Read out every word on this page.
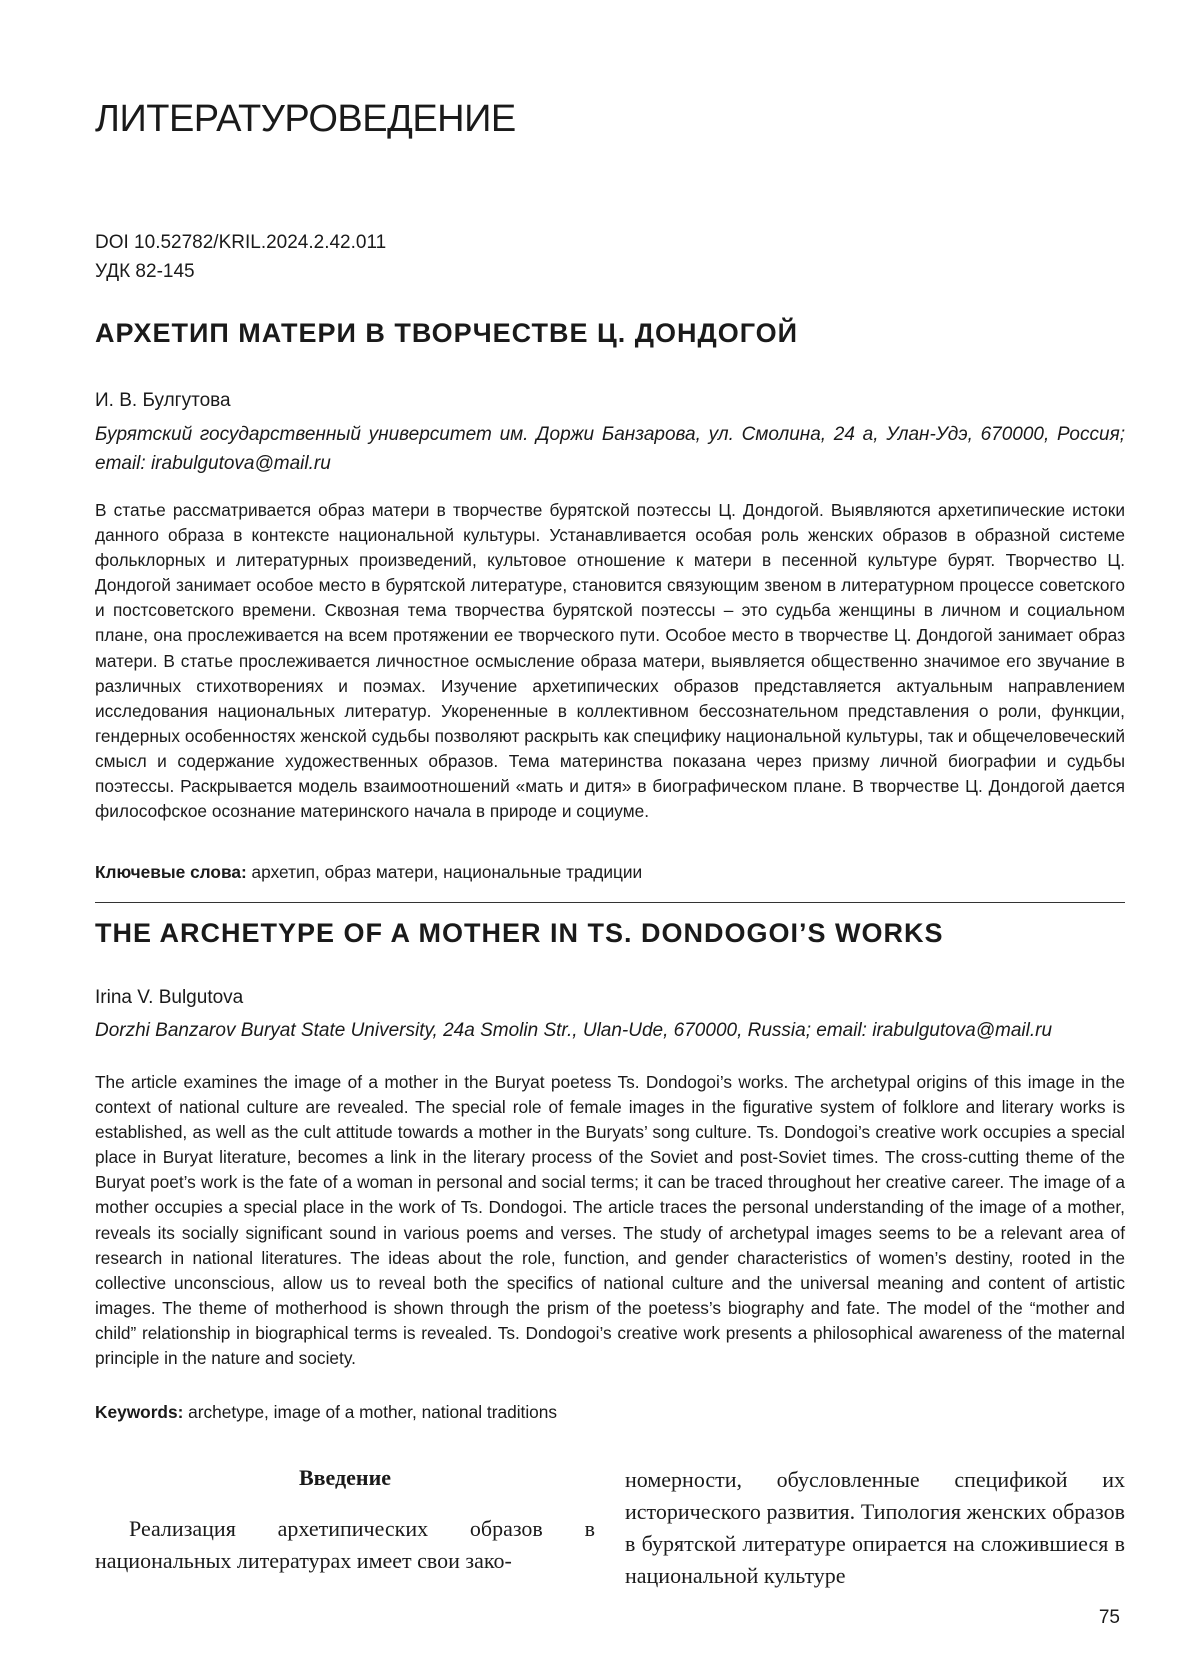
ЛИТЕРАТУРОВЕДЕНИЕ
DOI 10.52782/KRIL.2024.2.42.011
УДК 82-145
АРХЕТИП МАТЕРИ В ТВОРЧЕСТВЕ Ц. ДОНДОГОЙ
И. В. Булгутова
Бурятский государственный университет им. Доржи Банзарова, ул. Смолина, 24 а, Улан-Удэ, 670000, Россия; email: irabulgutova@mail.ru
В статье рассматривается образ матери в творчестве бурятской поэтессы Ц. Дондогой. Выявляются архетипические истоки данного образа в контексте национальной культуры. Устанавливается особая роль женских образов в образной системе фольклорных и литературных произведений, культовое отношение к матери в песенной культуре бурят. Творчество Ц. Дондогой занимает особое место в бурятской литературе, становится связующим звеном в литературном процессе советского и постсоветского времени. Сквозная тема творчества бурятской поэтессы – это судьба женщины в личном и социальном плане, она прослеживается на всем протяжении ее творческого пути. Особое место в творчестве Ц. Дондогой занимает образ матери. В статье прослеживается личностное осмысление образа матери, выявляется общественно значимое его звучание в различных стихотворениях и поэмах. Изучение архетипических образов представляется актуальным направлением исследования национальных литератур. Укорененные в коллективном бессознательном представления о роли, функции, гендерных особенностях женской судьбы позволяют раскрыть как специфику национальной культуры, так и общечеловеческий смысл и содержание художественных образов. Тема материнства показана через призму личной биографии и судьбы поэтессы. Раскрывается модель взаимоотношений «мать и дитя» в биографическом плане. В творчестве Ц. Дондогой дается философское осознание материнского начала в природе и социуме.
Ключевые слова: архетип, образ матери, национальные традиции
THE ARCHETYPE OF A MOTHER IN TS. DONDOGOI’S WORKS
Irina V. Bulgutova
Dorzhi Banzarov Buryat State University, 24a Smolin Str., Ulan-Ude, 670000, Russia; email: irabulgutova@mail.ru
The article examines the image of a mother in the Buryat poetess Ts. Dondogoi’s works. The archetypal origins of this image in the context of national culture are revealed. The special role of female images in the figurative system of folklore and literary works is established, as well as the cult attitude towards a mother in the Buryats’ song culture. Ts. Dondogoi’s creative work occupies a special place in Buryat literature, becomes a link in the literary process of the Soviet and post-Soviet times. The cross-cutting theme of the Buryat poet’s work is the fate of a woman in personal and social terms; it can be traced throughout her creative career. The image of a mother occupies a special place in the work of Ts. Dondogoi. The article traces the personal understanding of the image of a mother, reveals its socially significant sound in various poems and verses. The study of archetypal images seems to be a relevant area of research in national literatures. The ideas about the role, function, and gender characteristics of women’s destiny, rooted in the collective unconscious, allow us to reveal both the specifics of national culture and the universal meaning and content of artistic images. The theme of motherhood is shown through the prism of the poetess’s biography and fate. The model of the “mother and child” relationship in biographical terms is revealed. Ts. Dondogoi’s creative work presents a philosophical awareness of the maternal principle in the nature and society.
Keywords: archetype, image of a mother, national traditions
Введение
Реализация архетипических образов в национальных литературах имеет свои зако-
номерности, обусловленные спецификой их исторического развития. Типология женских образов в бурятской литературе опирается на сложившиеся в национальной культуре
75
